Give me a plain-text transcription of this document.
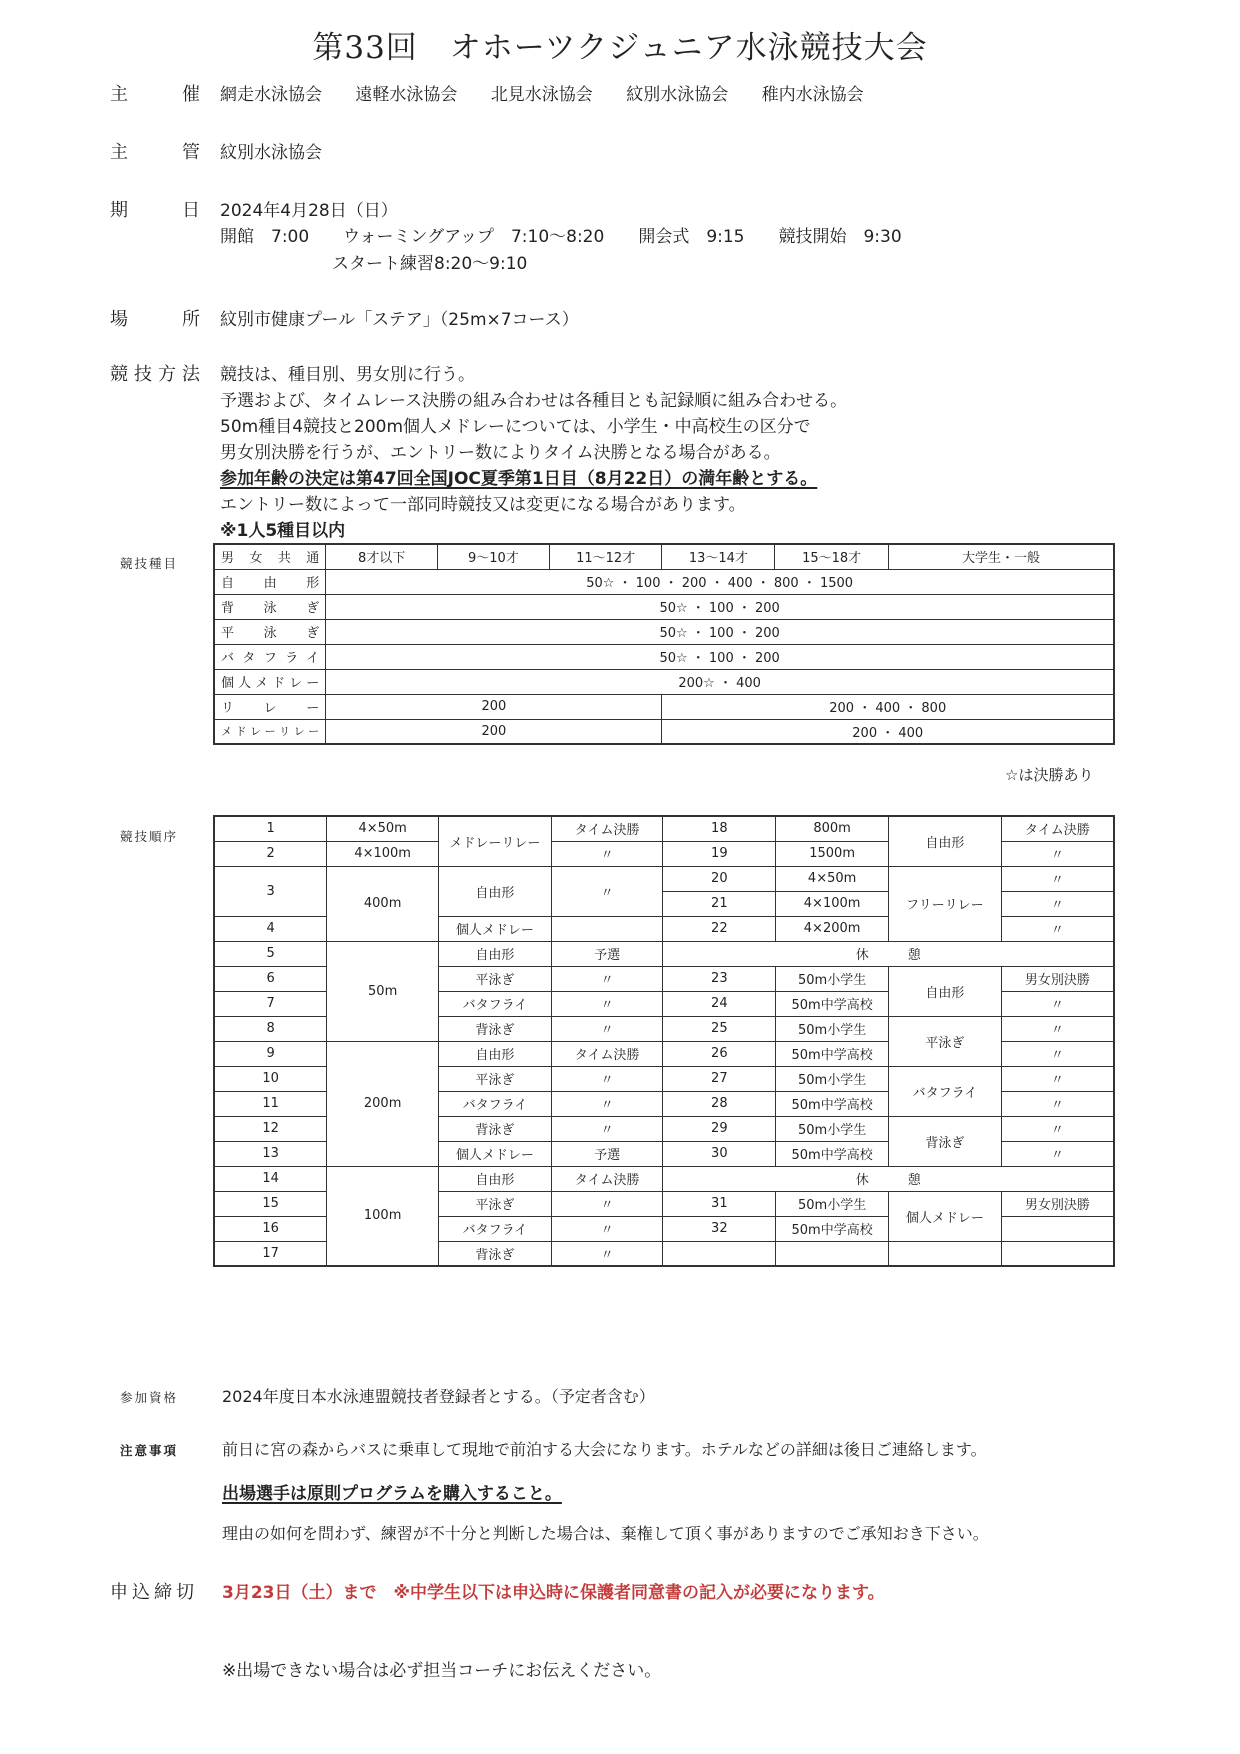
第33回　オホーツクジュニア水泳競技大会
主　　　催 網走水泳協会 遠軽水泳協会 北見水泳協会 紋別水泳協会 稚内水泳協会
主　　　管 紋別水泳協会
期　　　日 2024年4月28日（日）
開館　7:00　　ウォーミングアップ　7:10～8:20　　開会式　9:15　　競技開始　9:30
スタート練習8:20～9:10
場　　　所 紋別市健康プール「ステア」（25m×7コース）
競技方法 競技は、種目別、男女別に行う。
予選および、タイムレース決勝の組み合わせは各種目とも記録順に組み合わせる。
50m種目4競技と200m個人メドレーについては、小学生・中高校生の区分で
男女別決勝を行うが、エントリー数によりタイム決勝となる場合がある。
参加年齢の決定は第47回全国JOC夏季第1日目（8月22日）の満年齢とする。
エントリー数によって一部同時競技又は変更になる場合があります。
※1人5種目以内
競技種目	男女共通	8才以下	9～10才	11～12才	13～14才	15～18才	大学生・一般
自由形	50☆ ・ 100 ・ 200 ・ 400 ・ 800 ・ 1500					
背泳ぎ	50☆ ・ 100 ・ 200					
平泳ぎ	50☆ ・ 100 ・ 200					
バタフライ	50☆ ・ 100 ・ 200					
個人メドレー	200☆ ・ 400					
リレー	200			200 ・ 400 ・ 800		
メドレーリレー	200			200 ・ 400		
☆は決勝あり
競技順序
1	4×50m	メドレーリレー	タイム決勝	18	800m	自由形	タイム決勝
2	4×100m		〃	19	1500m		〃
3	400m	自由形	〃	20	4×50m	フリーリレー	〃
				21	4×100m		〃
4		個人メドレー		22	4×200m		〃
5	50m	自由形	予選	休　　　憩			
6		平泳ぎ	〃	23	50m小学生	自由形	男女別決勝
7		バタフライ	〃	24	50m中学高校		〃
8		背泳ぎ	〃	25	50m小学生	平泳ぎ	〃
9	200m	自由形	タイム決勝	26	50m中学高校		〃
10		平泳ぎ	〃	27	50m小学生	バタフライ	〃
11		バタフライ	〃	28	50m中学高校		〃
12		背泳ぎ	〃	29	50m小学生	背泳ぎ	〃
13		個人メドレー	予選	30	50m中学高校		〃
14	100m	自由形	タイム決勝	休　　　憩			
15		平泳ぎ	〃	31	50m小学生	個人メドレー	男女別決勝
16		バタフライ	〃	32	50m中学高校		
17		背泳ぎ	〃				
参加資格	2024年度日本水泳連盟競技者登録者とする。（予定者含む）
注意事項	前日に宮の森からバスに乗車して現地で前泊する大会になります。ホテルなどの詳細は後日ご連絡します。
出場選手は原則プログラムを購入すること。
理由の如何を問わず、練習が不十分と判断した場合は、棄権して頂く事がありますのでご承知おき下さい。
申込締切 3月23日（土）まで　※中学生以下は申込時に保護者同意書の記入が必要になります。
※出場できない場合は必ず担当コーチにお伝えください。
